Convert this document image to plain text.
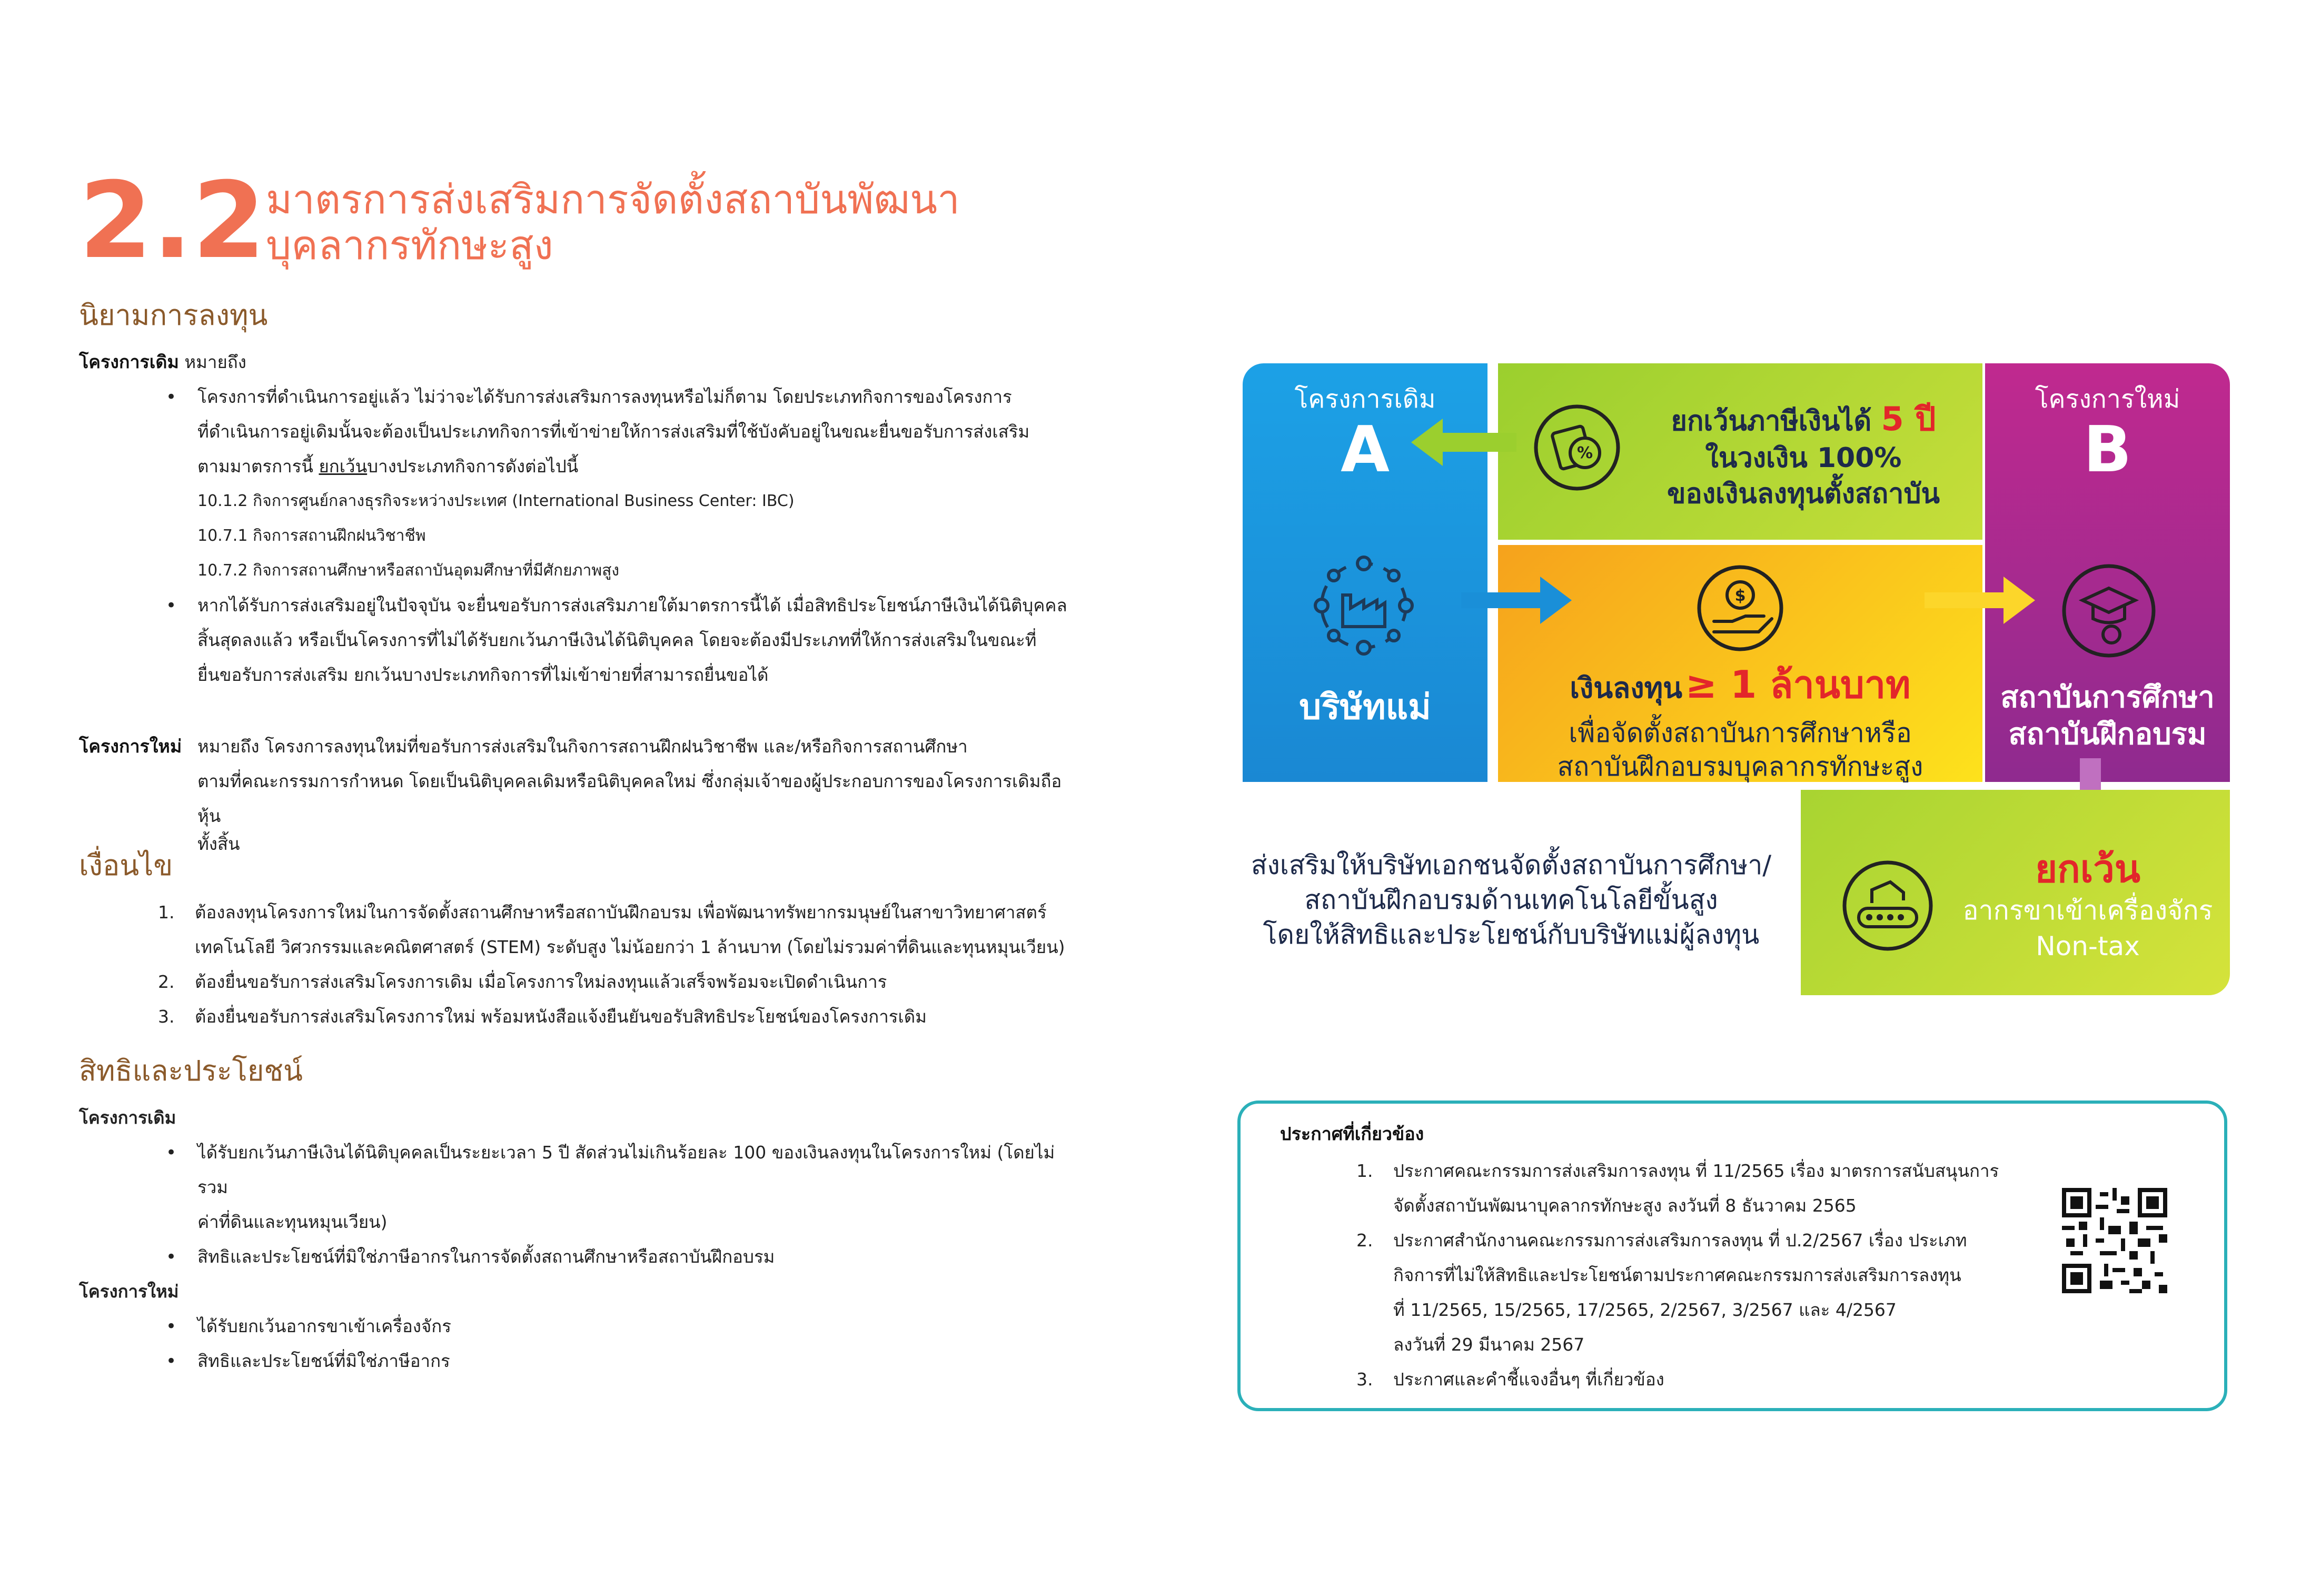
2.2 มาตรการส่งเสริมการจัดตั้งสถาบันพัฒนา
บุคลากรทักษะสูง
นิยามการลงทุน
โครงการเดิม หมายถึง
• โครงการที่ดำเนินการอยู่แล้ว ไม่ว่าจะได้รับการส่งเสริมการลงทุนหรือไม่ก็ตาม โดยประเภทกิจการของโครงการ
ที่ดำเนินการอยู่เดิมนั้นจะต้องเป็นประเภทกิจการที่เข้าข่ายให้การส่งเสริมที่ใช้บังคับอยู่ในขณะยื่นขอรับการส่งเสริม
ตามมาตรการนี้ ยกเว้นบางประเภทกิจการดังต่อไปนี้
10.1.2 กิจการศูนย์กลางธุรกิจระหว่างประเทศ (International Business Center: IBC)
10.7.1 กิจการสถานฝึกฝนวิชาชีพ
10.7.2 กิจการสถานศึกษาหรือสถาบันอุดมศึกษาที่มีศักยภาพสูง
• หากได้รับการส่งเสริมอยู่ในปัจจุบัน จะยื่นขอรับการส่งเสริมภายใต้มาตรการนี้ได้ เมื่อสิทธิประโยชน์ภาษีเงินได้นิติบุคคล
สิ้นสุดลงแล้ว หรือเป็นโครงการที่ไม่ได้รับยกเว้นภาษีเงินได้นิติบุคคล โดยจะต้องมีประเภทที่ให้การส่งเสริมในขณะที่
ยื่นขอรับการส่งเสริม ยกเว้นบางประเภทกิจการที่ไม่เข้าข่ายที่สามารถยื่นขอได้
โครงการใหม่ หมายถึง โครงการลงทุนใหม่ที่ขอรับการส่งเสริมในกิจการสถานฝึกฝนวิชาชีพ และ/หรือกิจการสถานศึกษา
ตามที่คณะกรรมการกำหนด โดยเป็นนิติบุคคลเดิมหรือนิติบุคคลใหม่ ซึ่งกลุ่มเจ้าของผู้ประกอบการของโครงการเดิมถือหุ้น
ทั้งสิ้น
เงื่อนไข
1. ต้องลงทุนโครงการใหม่ในการจัดตั้งสถานศึกษาหรือสถาบันฝึกอบรม เพื่อพัฒนาทรัพยากรมนุษย์ในสาขาวิทยาศาสตร์
เทคโนโลยี วิศวกรรมและคณิตศาสตร์ (STEM) ระดับสูง ไม่น้อยกว่า 1 ล้านบาท (โดยไม่รวมค่าที่ดินและทุนหมุนเวียน)
2. ต้องยื่นขอรับการส่งเสริมโครงการเดิม เมื่อโครงการใหม่ลงทุนแล้วเสร็จพร้อมจะเปิดดำเนินการ
3. ต้องยื่นขอรับการส่งเสริมโครงการใหม่ พร้อมหนังสือแจ้งยืนยันขอรับสิทธิประโยชน์ของโครงการเดิม
สิทธิและประโยชน์
โครงการเดิม
• ได้รับยกเว้นภาษีเงินได้นิติบุคคลเป็นระยะเวลา 5 ปี สัดส่วนไม่เกินร้อยละ 100 ของเงินลงทุนในโครงการใหม่ (โดยไม่รวม
ค่าที่ดินและทุนหมุนเวียน)
• สิทธิและประโยชน์ที่มิใช่ภาษีอากรในการจัดตั้งสถานศึกษาหรือสถาบันฝึกอบรม
โครงการใหม่
• ได้รับยกเว้นอากรขาเข้าเครื่องจักร
• สิทธิและประโยชน์ที่มิใช่ภาษีอากร
โครงการเดิม
A
บริษัทแม่
%
ยกเว้นภาษีเงินได้ 5 ปี
ในวงเงิน 100%
ของเงินลงทุนตั้งสถาบัน
$
เงินลงทุน ≥ 1 ล้านบาท
เพื่อจัดตั้งสถาบันการศึกษาหรือ
สถาบันฝึกอบรมบุคลากรทักษะสูง
โครงการใหม่
B
สถาบันการศึกษา
สถาบันฝึกอบรม
ยกเว้น
อากรขาเข้าเครื่องจักร
Non-tax
ส่งเสริมให้บริษัทเอกชนจัดตั้งสถาบันการศึกษา/
สถาบันฝึกอบรมด้านเทคโนโลยีขั้นสูง
โดยให้สิทธิและประโยชน์กับบริษัทแม่ผู้ลงทุน
ประกาศที่เกี่ยวข้อง
1. ประกาศคณะกรรมการส่งเสริมการลงทุน ที่ 11/2565 เรื่อง มาตรการสนับสนุนการ
จัดตั้งสถาบันพัฒนาบุคลากรทักษะสูง ลงวันที่ 8 ธันวาคม 2565
2. ประกาศสำนักงานคณะกรรมการส่งเสริมการลงทุน ที่ ป.2/2567 เรื่อง ประเภท
กิจการที่ไม่ให้สิทธิและประโยชน์ตามประกาศคณะกรรมการส่งเสริมการลงทุน
ที่ 11/2565, 15/2565, 17/2565, 2/2567, 3/2567 และ 4/2567
ลงวันที่ 29 มีนาคม 2567
3. ประกาศและคำชี้แจงอื่นๆ ที่เกี่ยวข้อง
